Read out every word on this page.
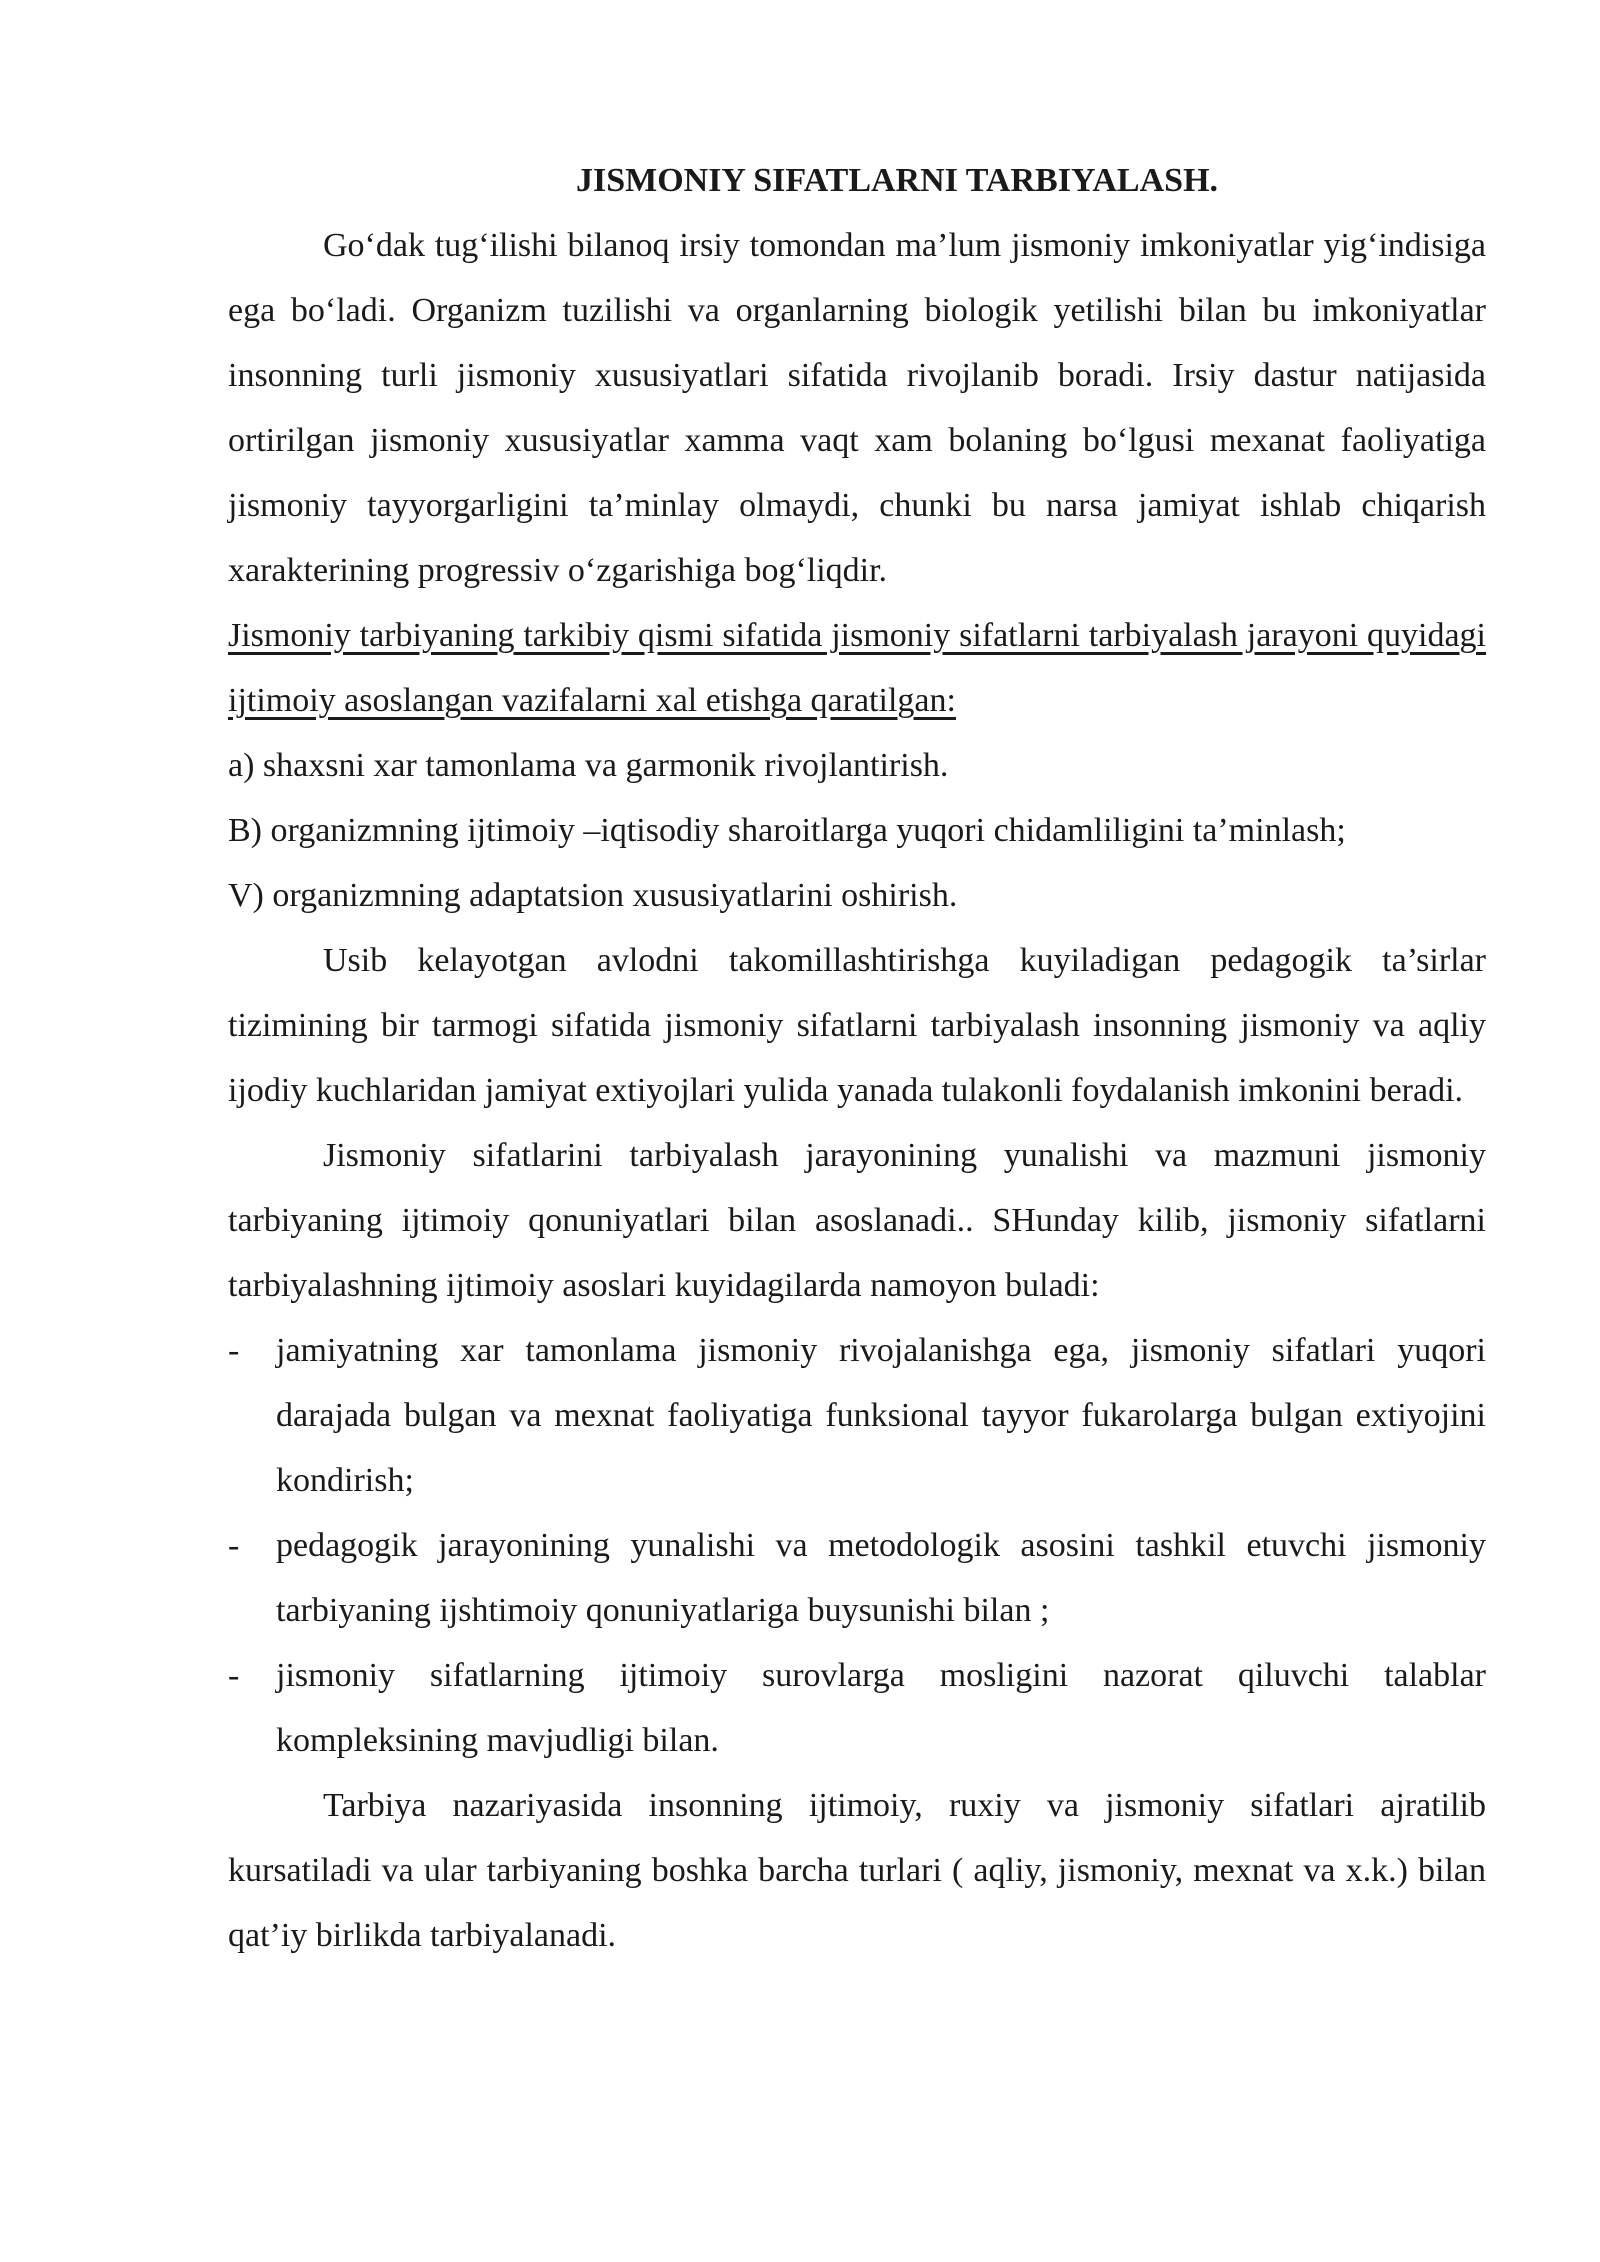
JISMONIY SIFATLARNI TARBIYALASH.

Go‘dak tug‘ilishi bilanoq irsiy tomondan ma’lum jismoniy imkoniyatlar yig‘indisiga ega bo‘ladi. Organizm tuzilishi va organlarning biologik yetilishi bilan bu imkoniyatlar insonning turli jismoniy xususiyatlari sifatida rivojlanib boradi. Irsiy dastur natijasida ortirilgan jismoniy xususiyatlar xamma vaqt xam bolaning bo‘lgusi mexanat faoliyatiga jismoniy tayyorgarligini ta’minlay olmaydi, chunki bu narsa jamiyat ishlab chiqarish xarakterining progressiv o‘zgarishiga bog‘liqdir.

Jismoniy tarbiyaning tarkibiy qismi sifatida jismoniy sifatlarni tarbiyalash jarayoni quyidagi ijtimoiy asoslangan vazifalarni xal etishga qaratilgan:

a) shaxsni xar tamonlama va garmonik rivojlantirish.

B) organizmning ijtimoiy –iqtisodiy sharoitlarga yuqori chidamliligini ta’minlash;

V) organizmning adaptatsion xususiyatlarini oshirish.

Usib kelayotgan avlodni takomillashtirishga kuyiladigan pedagogik ta’sirlar tizimining bir tarmogi sifatida jismoniy sifatlarni tarbiyalash insonning jismoniy va aqliy ijodiy kuchlaridan jamiyat extiyojlari yulida yanada tulakonli foydalanish imkonini beradi.

Jismoniy sifatlarini tarbiyalash jarayonining yunalishi va mazmuni jismoniy tarbiyaning ijtimoiy qonuniyatlari bilan asoslanadi.. SHunday kilib, jismoniy sifatlarni tarbiyalashning ijtimoiy asoslari kuyidagilarda namoyon buladi:

- jamiyatning xar tamonlama jismoniy rivojalanishga ega, jismoniy sifatlari yuqori darajada bulgan va mexnat faoliyatiga funksional tayyor fukarolarga bulgan extiyojini kondirish;
- pedagogik jarayonining yunalishi va metodologik asosini tashkil etuvchi jismoniy tarbiyaning ijshtimoiy qonuniyatlariga buysunishi bilan ;
- jismoniy sifatlarning ijtimoiy surovlarga mosligini nazorat qiluvchi talablar kompleksining mavjudligi bilan.

Tarbiya nazariyasida insonning ijtimoiy, ruxiy va jismoniy sifatlari ajratilib kursatiladi va ular tarbiyaning boshka barcha turlari ( aqliy, jismoniy, mexnat va x.k.) bilan qat’iy birlikda tarbiyalanadi.
